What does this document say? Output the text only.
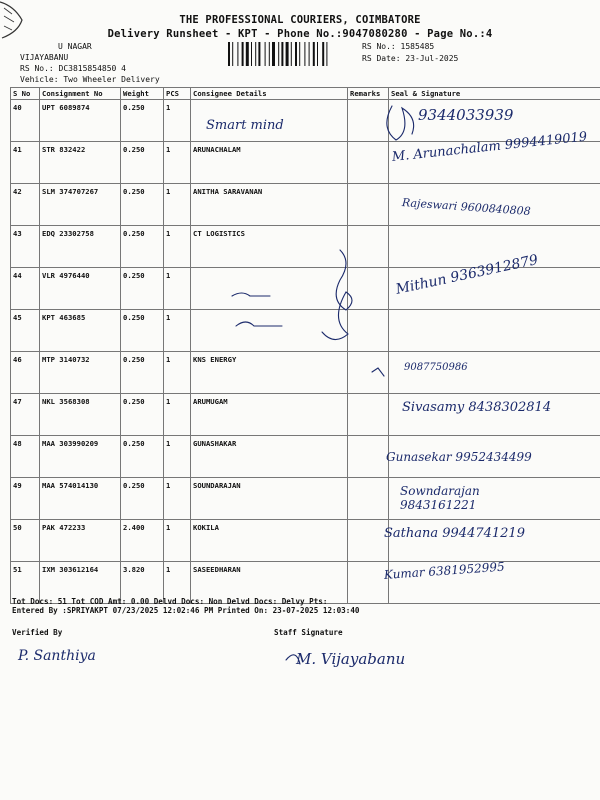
THE PROFESSIONAL COURIERS, COIMBATORE
Delivery Runsheet - KPT - Phone No.:9047080280 - Page No.:4
U NAGAR
VIJAYABANU
RS No.: DC3815854850 4
Vehicle: Two Wheeler Delivery
RS No.: 1585485
RS Date: 23-Jul-2025
S No	Consignment No	Weight	PCS	Consignee Details	Remarks	Seal & Signature
40	UPT 6089874	0.250	1			
41	STR 832422	0.250	1	ARUNACHALAM		
42	SLM 374707267	0.250	1	ANITHA SARAVANAN		
43	EDQ 23302758	0.250	1	CT LOGISTICS		
44	VLR 4976440	0.250	1			
45	KPT 463685	0.250	1			
46	MTP 3140732	0.250	1	KNS ENERGY		
47	NKL 3568308	0.250	1	ARUMUGAM		
48	MAA 303990209	0.250	1	GUNASHAKAR		
49	MAA 574014130	0.250	1	SOUNDARAJAN		
50	PAK 472233	2.400	1	KOKILA		
51	IXM 303612164	3.820	1	SASEEDHARAN		
Smart mind
9344033939
M. Arunachalam 9994419019
Rajeswari 9600840808
Mithun 9363912879
9087750986
Sivasamy 8438302814
Gunasekar 9952434499
Sowndarajan 9843161221
Sathana 9944741219
Kumar 6381952995
Tot Docs: 51 Tot COD Amt: 0.00 Delvd Docs: Non Delvd Docs: Delvy Pts:
Entered By :SPRIYAKPT 07/23/2025 12:02:46 PM Printed On: 23-07-2025 12:03:40
Verified By	Staff Signature
P. Santhiya	M. Vijayabanu
